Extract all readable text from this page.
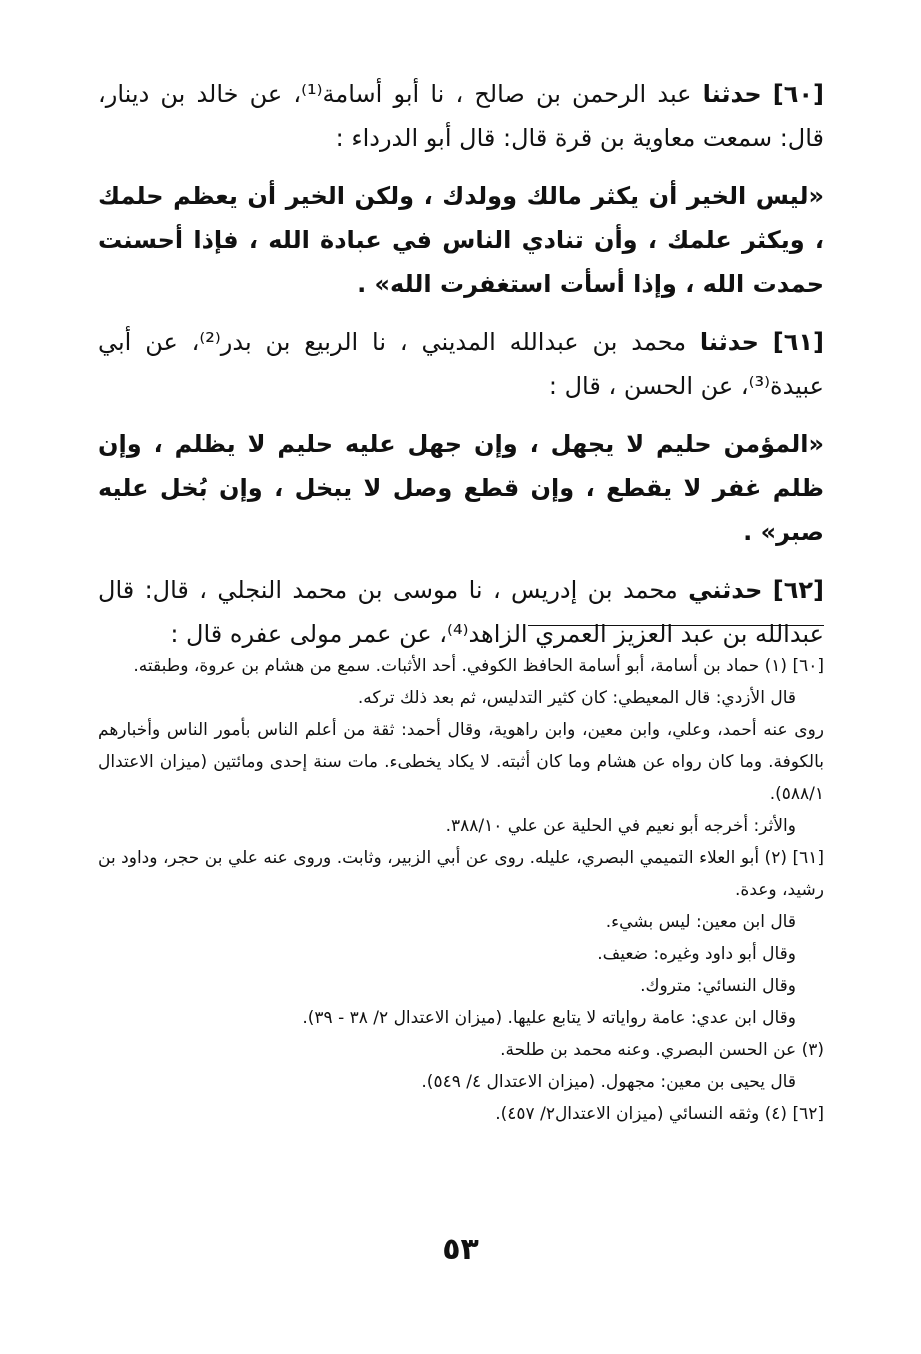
[٦٠] حدثنا عبد الرحمن بن صالح ، نا أبو أسامة⁽¹⁾، عن خالد بن دينار، قال: سمعت معاوية بن قرة قال: قال أبو الدرداء :

«ليس الخير أن يكثر مالك وولدك ، ولكن الخير أن يعظم حلمك ، ويكثر علمك ، وأن تنادي الناس في عبادة الله ، فإذا أحسنت حمدت الله ، وإذا أسأت استغفرت الله» .

[٦١] حدثنا محمد بن عبدالله المديني ، نا الربيع بن بدر⁽²⁾، عن أبي عبيدة⁽³⁾، عن الحسن ، قال :

«المؤمن حليم لا يجهل ، وإن جهل عليه حليم لا يظلم ، وإن ظلم غفر لا يقطع ، وإن قطع وصل لا يبخل ، وإن بُخل عليه صبر» .

[٦٢] حدثني محمد بن إدريس ، نا موسى بن محمد النجلي ، قال: قال عبدالله بن عبد العزيز العمري الزاهد⁽⁴⁾، عن عمر مولى عفره قال :

[٦٠] (١) حماد بن أسامة، أبو أسامة الحافظ الكوفي. أحد الأثبات. سمع من هشام بن عروة، وطبقته.

قال الأزدي: قال المعيطي: كان كثير التدليس، ثم بعد ذلك تركه.

روى عنه أحمد، وعلي، وابن معين، وابن راهوية، وقال أحمد: ثقة من أعلم الناس بأمور الناس وأخبارهم بالكوفة. وما كان رواه عن هشام وما كان أثبته. لا يكاد يخطىء. مات سنة إحدى ومائتين (ميزان الاعتدال ٥٨٨/١).

والأثر: أخرجه أبو نعيم في الحلية عن علي ٣٨٨/١٠.

[٦١] (٢) أبو العلاء التميمي البصري، عليله. روى عن أبي الزبير، وثابت. وروى عنه علي بن حجر، وداود بن رشيد، وعدة.

قال ابن معين: ليس بشيء.

وقال أبو داود وغيره: ضعيف.

وقال النسائي: متروك.

وقال ابن عدي: عامة رواياته لا يتابع عليها. (ميزان الاعتدال ٢/ ٣٨ - ٣٩).

(٣) عن الحسن البصري. وعنه محمد بن طلحة.

قال يحيى بن معين: مجهول. (ميزان الاعتدال ٤/ ٥٤٩).

[٦٢] (٤) وثقه النسائي (ميزان الاعتدال٢/ ٤٥٧).

٥٣
